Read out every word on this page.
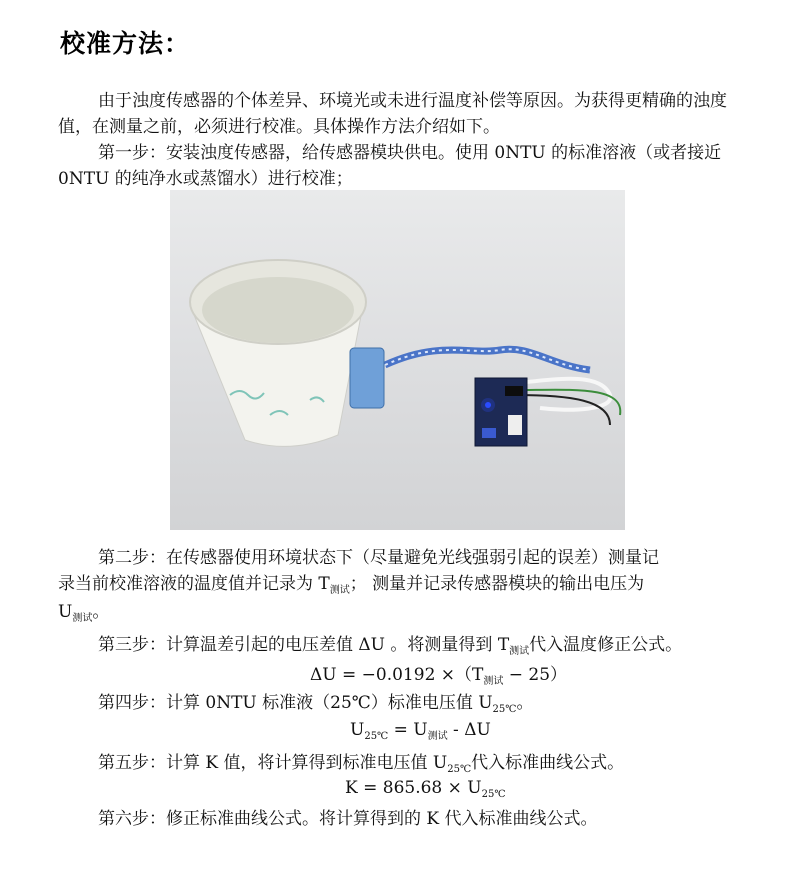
校准方法：
由于浊度传感器的个体差异、环境光或未进行温度补偿等原因。为获得更精确的浊度值，在测量之前，必须进行校准。具体操作方法介绍如下。
第一步：安装浊度传感器，给传感器模块供电。使用 0NTU 的标准溶液（或者接近 0NTU 的纯净水或蒸馏水）进行校准；
第二步：在传感器使用环境状态下（尽量避免光线强弱引起的误差）测量记
录当前校准溶液的温度值并记录为 $T_{测试}$； 测量并记录传感器模块的输出电压为
$U_{测试}$。
第三步：计算温差引起的电压差值 ΔU 。将测量得到 $T_{测试}$代入温度修正公式。
$\Delta U = -0.0192 \times(T_{测试} - 25)$
第四步：计算 0NTU 标准液（25℃）标准电压值 $U_{25℃}$。
$U_{25℃} = U_{测试} - \Delta U$
第五步：计算 K 值，将计算得到标准电压值 $U_{25℃}$代入标准曲线公式。
$K = 865.68 \times U_{25℃}$
第六步：修正标准曲线公式。将计算得到的 K 代入标准曲线公式。
